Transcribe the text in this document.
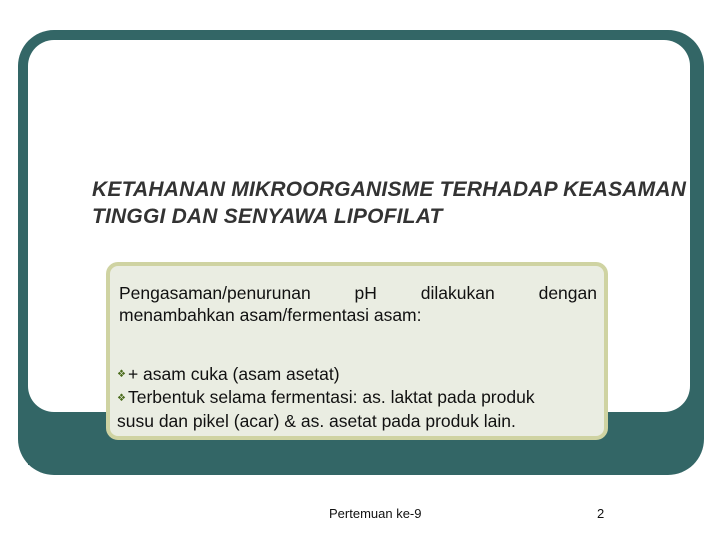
KETAHANAN MIKROORGANISME TERHADAP KEASAMAN TINGGI DAN SENYAWA LIPOFILAT
Pengasaman/penurunan pH dilakukan dengan
menambahkan asam/fermentasi asam:
❖ + asam cuka (asam asetat)
❖ Terbentuk selama fermentasi: as. laktat pada produk
susu dan pikel (acar) & as. asetat pada produk lain.
Pertemuan ke-9	2
